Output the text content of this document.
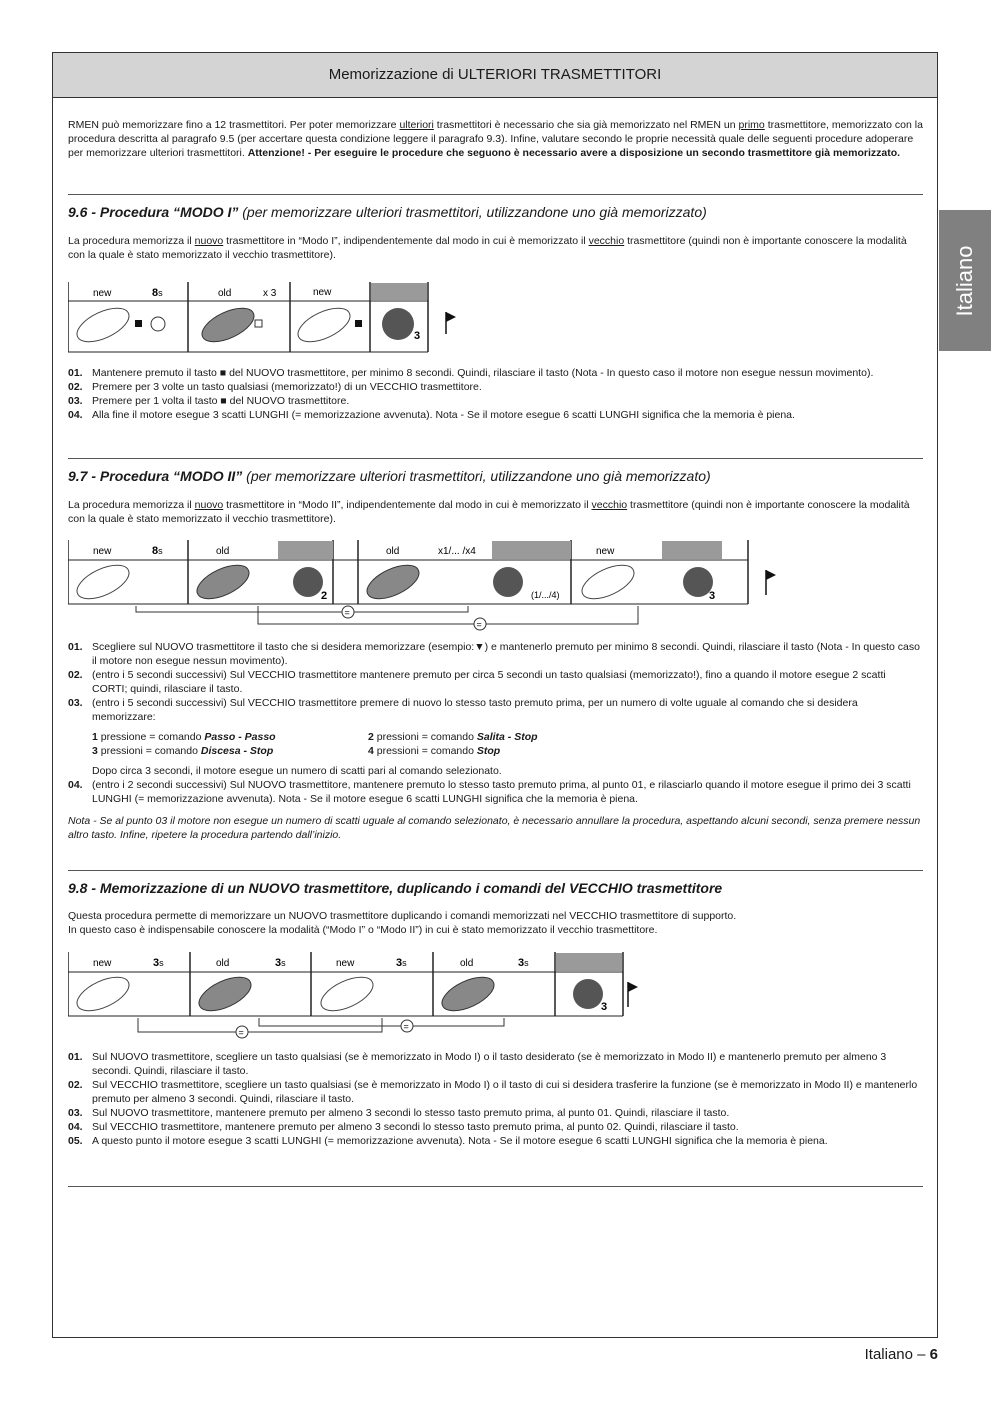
Memorizzazione di ULTERIORI TRASMETTITORI
Italiano
RMEN può memorizzare fino a 12 trasmettitori. Per poter memorizzare ulteriori trasmettitori è necessario che sia già memorizzato nel RMEN un primo trasmettitore, memorizzato con la procedura descritta al paragrafo 9.5 (per accertare questa condizione leggere il paragrafo 9.3). Infine, valutare secondo le proprie necessità quale delle seguenti procedure adoperare per memorizzare ulteriori trasmettitori. Attenzione! - Per eseguire le procedure che seguono è necessario avere a disposizione un secondo trasmettitore già memorizzato.
9.6 - Procedura “MODO I” (per memorizzare ulteriori trasmettitori, utilizzandone uno già memorizzato)
La procedura memorizza il nuovo trasmettitore in “Modo I”, indipendentemente dal modo in cui è memorizzato il vecchio trasmettitore (quindi non è importante conoscere la modalità con la quale è stato memorizzato il vecchio trasmettitore).
new	8s	old	x 3	new
3
01. Mantenere premuto il tasto ■ del NUOVO trasmettitore, per minimo 8 secondi. Quindi, rilasciare il tasto (Nota - In questo caso il motore non esegue nessun movimento).
02. Premere per 3 volte un tasto qualsiasi (memorizzato!) di un VECCHIO trasmettitore.
03. Premere per 1 volta il tasto ■ del NUOVO trasmettitore.
04. Alla fine il motore esegue 3 scatti LUNGHI (= memorizzazione avvenuta). Nota - Se il motore esegue 6 scatti LUNGHI significa che la memoria è piena.
9.7 - Procedura “MODO II” (per memorizzare ulteriori trasmettitori, utilizzandone uno già memorizzato)
La procedura memorizza il nuovo trasmettitore in “Modo II”, indipendentemente dal modo in cui è memorizzato il vecchio trasmettitore (quindi non è importante conoscere la modalità con la quale è stato memorizzato il vecchio trasmettitore).
new	8s	old	old	x1/... /x4	new
2	(1/.../4)	3
=
=
01. Scegliere sul NUOVO trasmettitore il tasto che si desidera memorizzare (esempio:▼) e mantenerlo premuto per minimo 8 secondi. Quindi, rilasciare il tasto (Nota - In questo caso il motore non esegue nessun movimento).
02. (entro i 5 secondi successivi) Sul VECCHIO trasmettitore mantenere premuto per circa 5 secondi un tasto qualsiasi (memorizzato!), fino a quando il motore esegue 2 scatti CORTI; quindi, rilasciare il tasto.
03. (entro i 5 secondi successivi) Sul VECCHIO trasmettitore premere di nuovo lo stesso tasto premuto prima, per un numero di volte uguale al comando che si desidera memorizzare:
1 pressione = comando Passo - Passo	2 pressioni = comando Salita - Stop
3 pressioni = comando Discesa - Stop	4 pressioni = comando Stop
Dopo circa 3 secondi, il motore esegue un numero di scatti pari al comando selezionato.
04. (entro i 2 secondi successivi) Sul NUOVO trasmettitore, mantenere premuto lo stesso tasto premuto prima, al punto 01, e rilasciarlo quando il motore esegue il primo dei 3 scatti LUNGHI (= memorizzazione avvenuta). Nota - Se il motore esegue 6 scatti LUNGHI significa che la memoria è piena.
Nota - Se al punto 03 il motore non esegue un numero di scatti uguale al comando selezionato, è necessario annullare la procedura, aspettando alcuni secondi, senza premere nessun altro tasto. Infine, ripetere la procedura partendo dall’inizio.
9.8 - Memorizzazione di un NUOVO trasmettitore, duplicando i comandi del VECCHIO trasmettitore
Questa procedura permette di memorizzare un NUOVO trasmettitore duplicando i comandi memorizzati nel VECCHIO trasmettitore di supporto.
In questo caso è indispensabile conoscere la modalità (“Modo I” o “Modo II”) in cui è stato memorizzato il vecchio trasmettitore.
new	old	new	old
3s	3s	3s	3s
3
=
=
01. Sul NUOVO trasmettitore, scegliere un tasto qualsiasi (se è memorizzato in Modo I) o il tasto desiderato (se è memorizzato in Modo II) e mantenerlo premuto per almeno 3 secondi. Quindi, rilasciare il tasto.
02. Sul VECCHIO trasmettitore, scegliere un tasto qualsiasi (se è memorizzato in Modo I) o il tasto di cui si desidera trasferire la funzione (se è memorizzato in Modo II) e mantenerlo premuto per almeno 3 secondi. Quindi, rilasciare il tasto.
03. Sul NUOVO trasmettitore, mantenere premuto per almeno 3 secondi lo stesso tasto premuto prima, al punto 01. Quindi, rilasciare il tasto.
04. Sul VECCHIO trasmettitore, mantenere premuto per almeno 3 secondi lo stesso tasto premuto prima, al punto 02. Quindi, rilasciare il tasto.
05. A questo punto il motore esegue 3 scatti LUNGHI (= memorizzazione avvenuta). Nota - Se il motore esegue 6 scatti LUNGHI significa che la memoria è piena.
Italiano – 6
